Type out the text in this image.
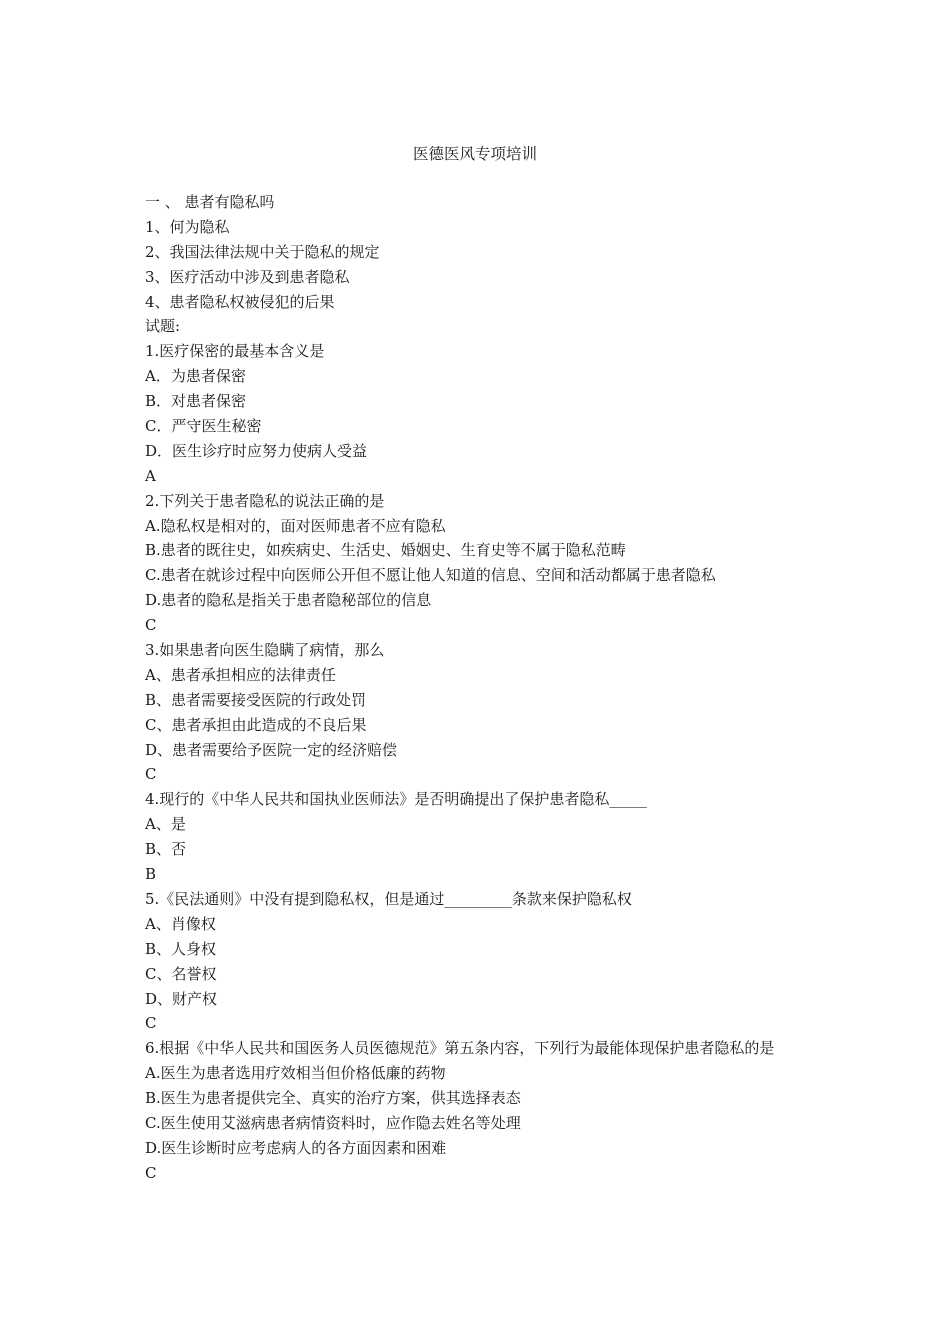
医德医风专项培训
一 、 患者有隐私吗
1、何为隐私
2、我国法律法规中关于隐私的规定
3、医疗活动中涉及到患者隐私
4、患者隐私权被侵犯的后果
试题:
1.医疗保密的最基本含义是
A．为患者保密
B．对患者保密
C．严守医生秘密
D．医生诊疗时应努力使病人受益
A
2.下列关于患者隐私的说法正确的是
A.隐私权是相对的，面对医师患者不应有隐私
B.患者的既往史，如疾病史、生活史、婚姻史、生育史等不属于隐私范畴
C.患者在就诊过程中向医师公开但不愿让他人知道的信息、空间和活动都属于患者隐私
D.患者的隐私是指关于患者隐秘部位的信息
C
3.如果患者向医生隐瞒了病情，那么
A、患者承担相应的法律责任
B、患者需要接受医院的行政处罚
C、患者承担由此造成的不良后果
D、患者需要给予医院一定的经济赔偿
C
4.现行的《中华人民共和国执业医师法》是否明确提出了保护患者隐私_____
A、是
B、否
B
5.《民法通则》中没有提到隐私权，但是通过_________条款来保护隐私权
A、肖像权
B、人身权
C、名誉权
D、财产权
C
6.根据《中华人民共和国医务人员医德规范》第五条内容，下列行为最能体现保护患者隐私的是
A.医生为患者选用疗效相当但价格低廉的药物
B.医生为患者提供完全、真实的治疗方案，供其选择表态
C.医生使用艾滋病患者病情资料时，应作隐去姓名等处理
D.医生诊断时应考虑病人的各方面因素和困难
C
